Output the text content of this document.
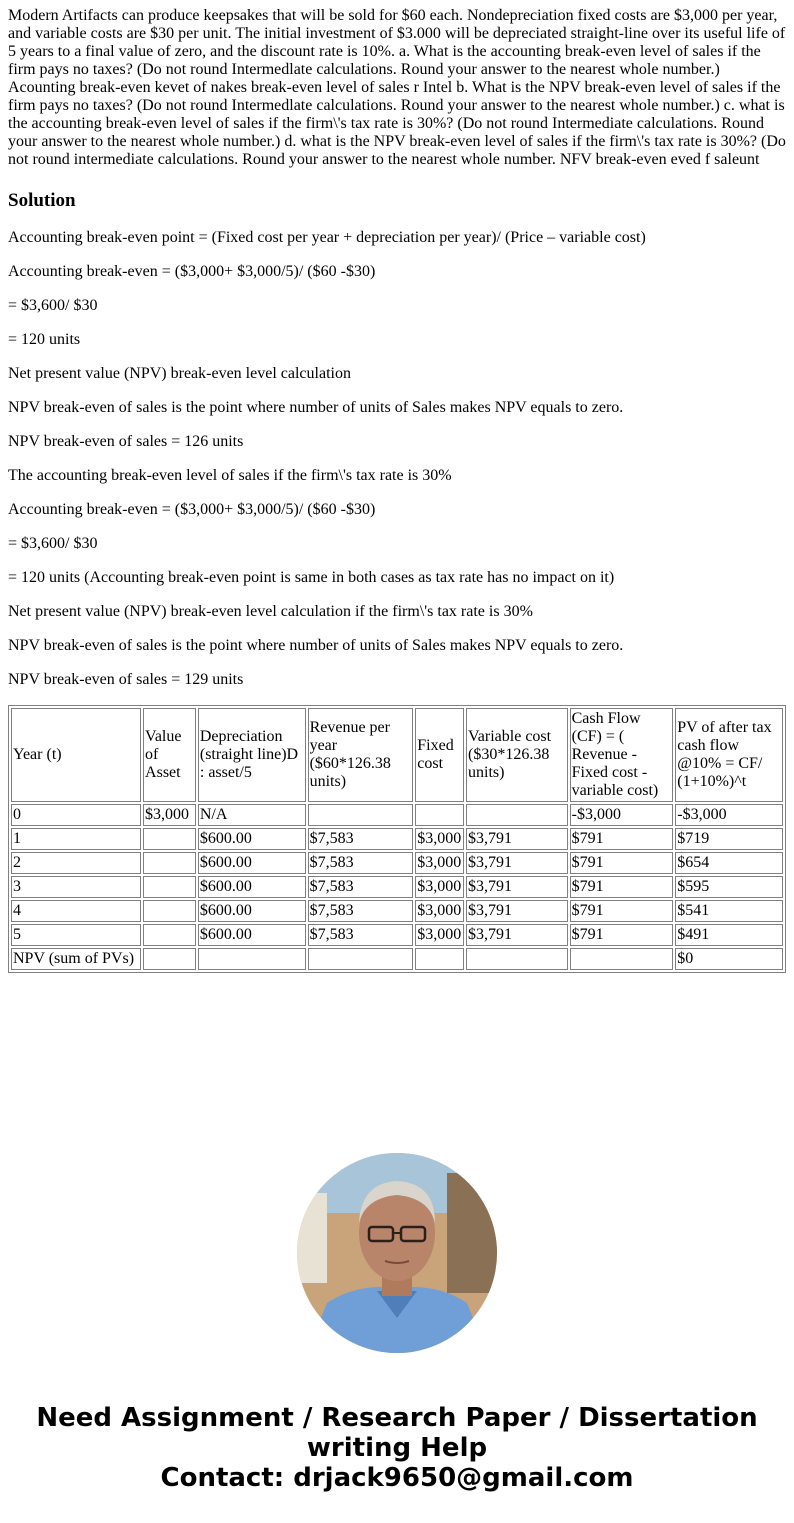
Modern Artifacts can produce keepsakes that will be sold for $60 each. Nondepreciation fixed costs are $3,000 per year, and variable costs are $30 per unit. The initial investment of $3.000 will be depreciated straight-line over its useful life of 5 years to a final value of zero, and the discount rate is 10%. a. What is the accounting break-even level of sales if the firm pays no taxes? (Do not round Intermedlate calculations. Round your answer to the nearest whole number.) Acounting break-even kevet of nakes break-even level of sales r Intel b. What is the NPV break-even level of sales if the firm pays no taxes? (Do not round Intermedlate calculations. Round your answer to the nearest whole number.) c. what is the accounting break-even level of sales if the firm\'s tax rate is 30%? (Do not round Intermediate calculations. Round your answer to the nearest whole number.) d. what is the NPV break-even level of sales if the firm\'s tax rate is 30%? (Do not round intermediate calculations. Round your answer to the nearest whole number. NFV break-even eved f saleunt

Solution

Accounting break-even point = (Fixed cost per year + depreciation per year)/ (Price – variable cost)

Accounting break-even = ($3,000+ $3,000/5)/ ($60 -$30)

= $3,600/ $30

= 120 units

Net present value (NPV) break-even level calculation

NPV break-even of sales is the point where number of units of Sales makes NPV equals to zero.

NPV break-even of sales = 126 units

The accounting break-even level of sales if the firm\'s tax rate is 30%

Accounting break-even = ($3,000+ $3,000/5)/ ($60 -$30)

= $3,600/ $30

= 120 units (Accounting break-even point is same in both cases as tax rate has no impact on it)

Net present value (NPV) break-even level calculation if the firm\'s tax rate is 30%

NPV break-even of sales is the point where number of units of Sales makes NPV equals to zero.

NPV break-even of sales = 129 units

Year (t)	Value of Asset	Depreciation (straight line)D : asset/5	Revenue per year ($60*126.38 units)	Fixed cost	Variable cost ($30*126.38 units)	Cash Flow (CF) = ( Revenue - Fixed cost - variable cost)	PV of after tax cash flow @10% = CF/ (1+10%)^t
0	$3,000	N/A				-$3,000	-$3,000
1		$600.00	$7,583	$3,000	$3,791	$791	$719
2		$600.00	$7,583	$3,000	$3,791	$791	$654
3		$600.00	$7,583	$3,000	$3,791	$791	$595
4		$600.00	$7,583	$3,000	$3,791	$791	$541
5		$600.00	$7,583	$3,000	$3,791	$791	$491
NPV (sum of PVs)							$0
Need Assignment / Research Paper / Dissertation
writing Help
Contact: drjack9650@gmail.com
